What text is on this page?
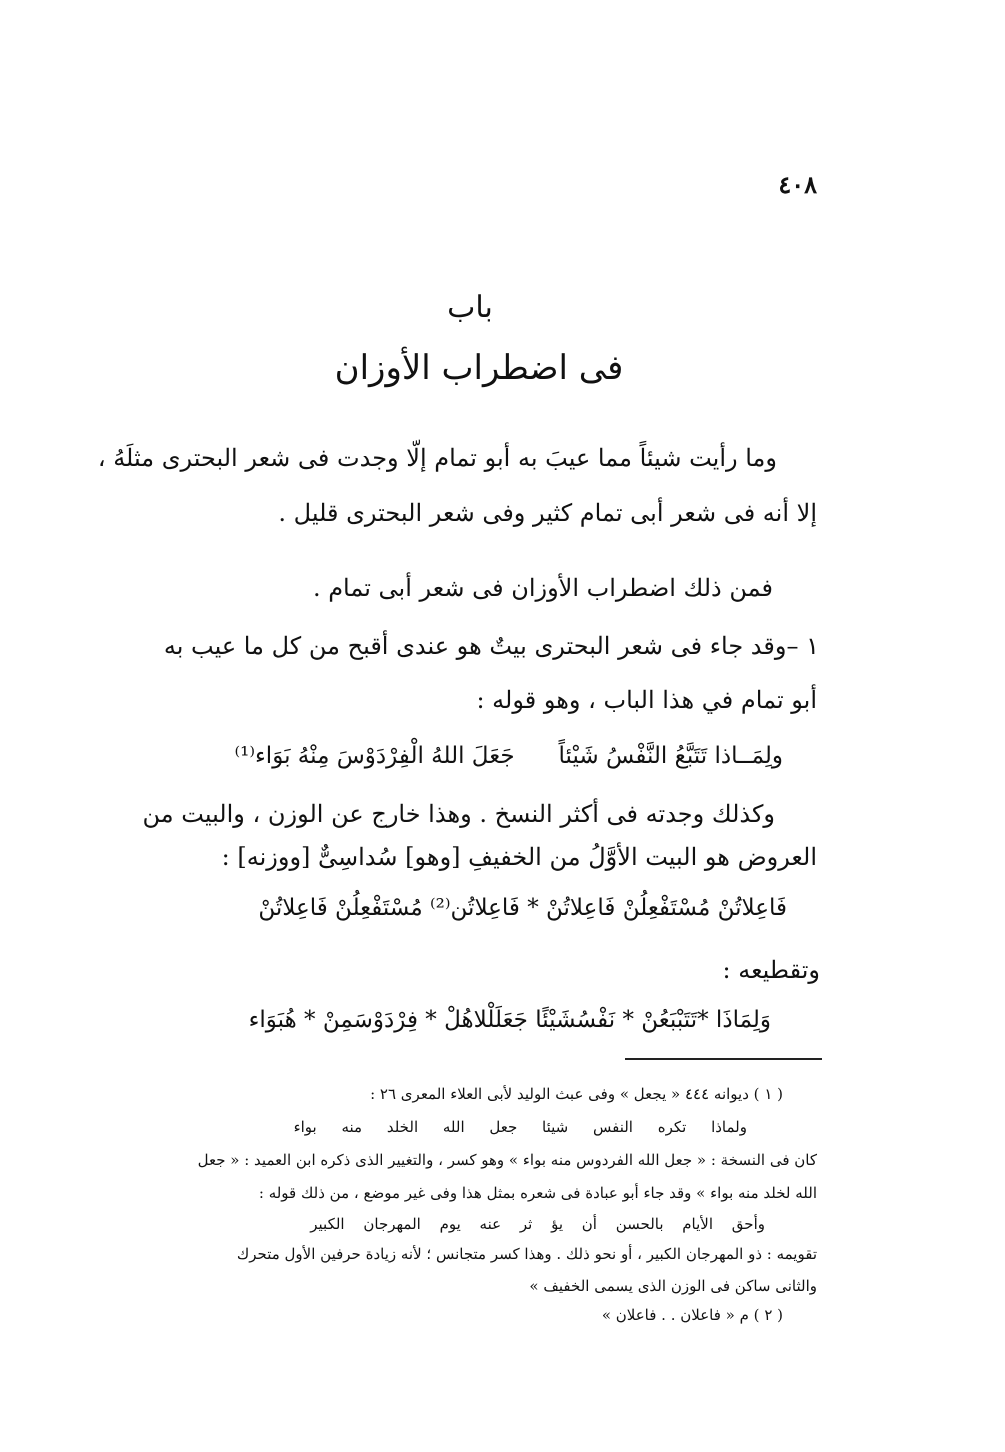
٤٠٨
باب
فى اضطراب الأوزان
وما رأيت شيئاً مما عيبَ به أبو تمام إلّا وجدت فى شعر البحترى مثلَهُ ،
إلا أنه فى شعر أبى تمام كثير وفى شعر البحترى قليل .
فمن ذلك اضطراب الأوزان فى شعر أبى تمام .
١ –وقد جاء فى شعر البحترى بيتٌ هو عندى أقبح من كل ما عيب به
أبو تمام في هذا الباب ، وهو قوله :
ولِمَــاذا تَتَبَّعُ النَّفْسُ شَيْئاًجَعَلَ اللهُ الْفِرْدَوْسَ مِنْهُ بَوَاء⁽¹⁾
وكذلك وجدته فى أكثر النسخ . وهذا خارج عن الوزن ، والبيت من
العروض هو البيت الأوَّلُ من الخفيفِ [وهو] سُداسِىٌّ [ووزنه] :
فَاعِلاتُنْ مُسْتَفْعِلُنْ فَاعِلاتُنْ * فَاعِلاتُن⁽²⁾ مُسْتَفْعِلُنْ فَاعِلاتُنْ
وتقطيعه :
وَلِمَاذَا *تَتَبْبَعُنْ * نَفْسُشَيْئًا جَعَلَلْلاهُلْ * فِرْدَوْسَمِنْ * هُبَوَاء
( ١ ) ديوانه ٤٤٤ « يجعل » وفى عبث الوليد لأبى العلاء المعرى ٢٦ :
ولماذا تكره النفس شيئا جعل الله الخلد منه بواء
كان فى النسخة : « جعل الله الفردوس منه بواء » وهو كسر ، والتغيير الذى ذكره ابن العميد : « جعل
الله لخلد منه بواء » وقد جاء أبو عبادة فى شعره بمثل هذا وفى غير موضع ، من ذلك قوله :
وأحق الأيام بالحسن أن يؤ ثر عنه يوم المهرجان الكبير
تقويمه : ذو المهرجان الكبير ، أو نحو ذلك . وهذا كسر متجانس ؛ لأنه زيادة حرفين الأول متحرك
والثانى ساكن فى الوزن الذى يسمى الخفيف »
( ٢ ) م « فاعلان . . فاعلان »
